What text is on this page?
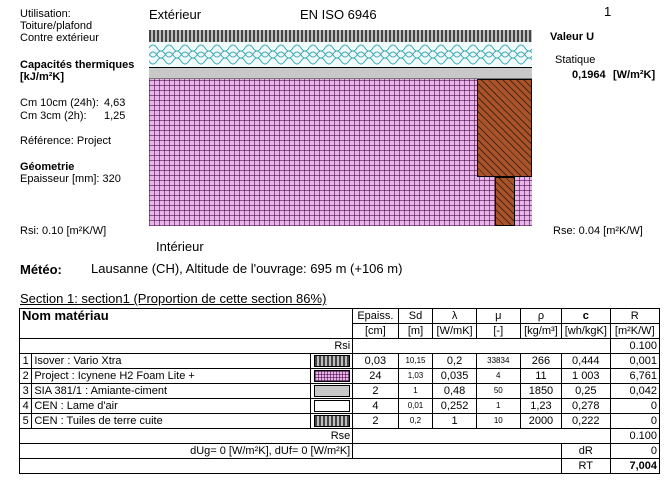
Utilisation:
Toiture/plafond
Contre extérieur
Extérieur	EN ISO 6946	1
Capacités thermiques
[kJ/m²K]
Cm 10cm (24h): 4,63
Cm 3cm (2h): 1,25
Référence: Project
Géometrie
Epaisseur [mm]: 320
Rsi: 0.10 [m²K/W]
Valeur U
Statique
0,1964 [W/m²K]
Rse: 0.04 [m²K/W]
Intérieur
Météo: Lausanne (CH), Altitude de l'ouvrage: 695 m (+106 m)
Section 1: section1 (Proportion de cette section 86%)
Nom matériau			Epaiss.	Sd	λ	μ	ρ	c	R
			[cm]	[m]	[W/mK]	[-]	[kg/m³]	[wh/kgK]	[m²K/W]
Rsi									0.100
1	Isover : Vario Xtra		0,03	10,15	0,2	33834	266	0,444	0,001
2	Project : Icynene H2 Foam Lite +		24	1,03	0,035	4	11	1 003	6,761
3	SIA 381/1 : Amiante-ciment		2	1	0,48	50	1850	0,25	0,042
4	CEN : Lame d'air		4	0,01	0,252	1	1,23	0,278	0
5	CEN : Tuiles de terre cuite		2	0,2	1	10	2000	0,222	0
Rse									0.100
dUg= 0 [W/m²K], dUf= 0 [W/m²K]								dR	0
								RT	7,004
